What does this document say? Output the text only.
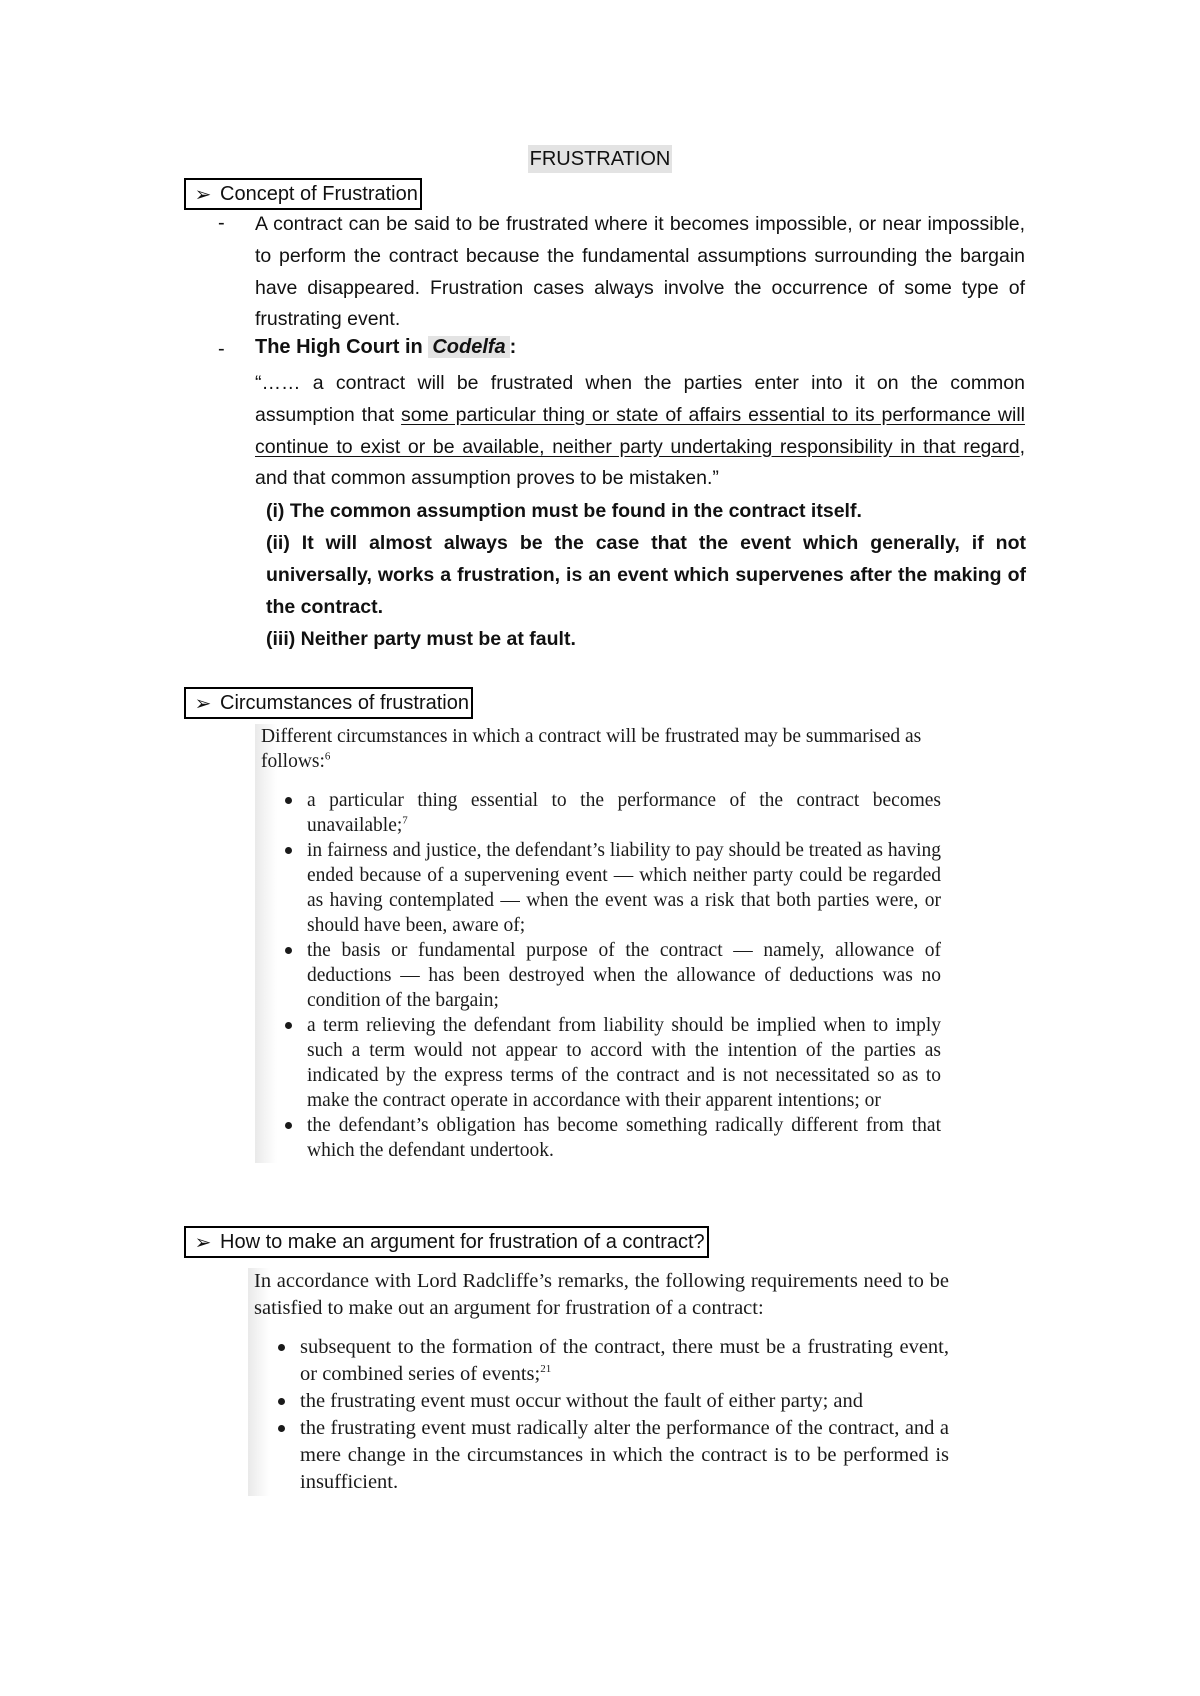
FRUSTRATION
➢ Concept of Frustration
- A contract can be said to be frustrated where it becomes impossible, or near impossible, to perform the contract because the fundamental assumptions surrounding the bargain have disappeared. Frustration cases always involve the occurrence of some type of frustrating event.

- The High Court in Codelfa :

“…… a contract will be frustrated when the parties enter into it on the common assumption that some particular thing or state of affairs essential to its performance will continue to exist or be available, neither party undertaking responsibility in that regard, and that common assumption proves to be mistaken.”

(i) The common assumption must be found in the contract itself.

(ii) It will almost always be the case that the event which generally, if not universally, works a frustration, is an event which supervenes after the making of the contract.

(iii) Neither party must be at fault.

➢ Circumstances of frustration

Different circumstances in which a contract will be frustrated may be summarised as follows:$^6$

a particular thing essential to the performance of the contract becomes unavailable;$^7$
in fairness and justice, the defendant’s liability to pay should be treated as having ended because of a supervening event — which neither party could be regarded as having contemplated — when the event was a risk that both parties were, or should have been, aware of;
the basis or fundamental purpose of the contract — namely, allowance of deductions — has been destroyed when the allowance of deductions was no condition of the bargain;
a term relieving the defendant from liability should be implied when to imply such a term would not appear to accord with the intention of the parties as indicated by the express terms of the contract and is not necessitated so as to make the contract operate in accordance with their apparent intentions; or
the defendant’s obligation has become something radically different from that which the defendant undertook.
➢ How to make an argument for frustration of a contract?

In accordance with Lord Radcliffe’s remarks, the following requirements need to be satisfied to make out an argument for frustration of a contract:

subsequent to the formation of the contract, there must be a frustrating event, or combined series of events;$^{21}$
the frustrating event must occur without the fault of either party; and
the frustrating event must radically alter the performance of the contract, and a mere change in the circumstances in which the contract is to be performed is insufficient.
